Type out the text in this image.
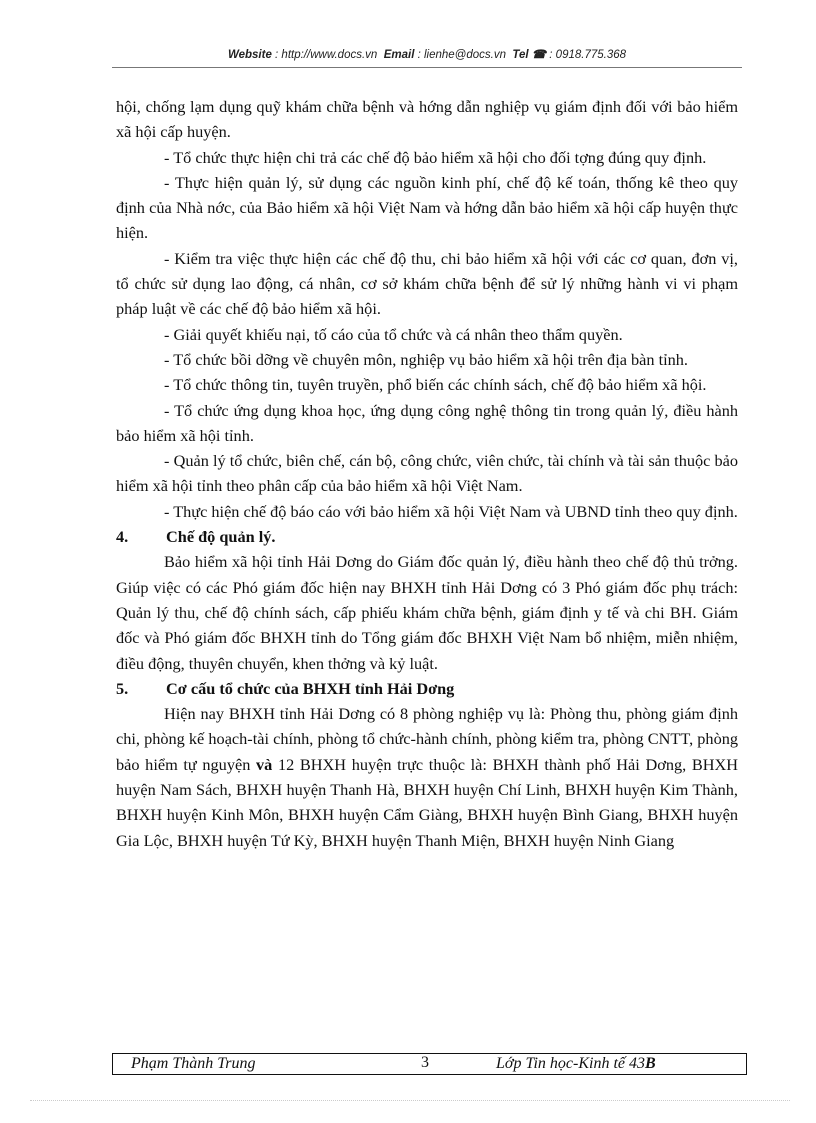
Website : http://www.docs.vn Email : lienhe@docs.vn Tel ☎ : 0918.775.368

hội, chống lạm dụng quỹ khám chữa bệnh và hớng dẫn nghiệp vụ giám định đối với bảo hiểm xã hội cấp huyện.

- Tổ chức thực hiện chi trả các chế độ bảo hiểm xã hội cho đối tợng đúng quy định.

- Thực hiện quản lý, sử dụng các nguồn kinh phí, chế độ kế toán, thống kê theo quy định của Nhà nớc, của Bảo hiểm xã hội Việt Nam và hớng dẫn bảo hiểm xã hội cấp huyện thực hiện.

- Kiểm tra việc thực hiện các chế độ thu, chi bảo hiểm xã hội với các cơ quan, đơn vị, tổ chức sử dụng lao động, cá nhân, cơ sở khám chữa bệnh để sử lý những hành vi vi phạm pháp luật về các chế độ bảo hiểm xã hội.

- Giải quyết khiếu nại, tố cáo của tổ chức và cá nhân theo thẩm quyền.

- Tổ chức bồi dỡng về chuyên môn, nghiệp vụ bảo hiểm xã hội trên địa bàn tỉnh.

- Tổ chức thông tin, tuyên truyền, phổ biến các chính sách, chế độ bảo hiểm xã hội.

- Tổ chức ứng dụng khoa học, ứng dụng công nghệ thông tin trong quản lý, điều hành bảo hiểm xã hội tỉnh.

- Quản lý tổ chức, biên chế, cán bộ, công chức, viên chức, tài chính và tài sản thuộc bảo hiểm xã hội tỉnh theo phân cấp của bảo hiểm xã hội Việt Nam.

- Thực hiện chế độ báo cáo với bảo hiểm xã hội Việt Nam và UBND tỉnh theo quy định.

4.	Chế độ quản lý.

Bảo hiểm xã hội tỉnh Hải Dơng do Giám đốc quản lý, điều hành theo chế độ thủ trởng. Giúp việc có các Phó giám đốc hiện nay BHXH tỉnh Hải Dơng có 3 Phó giám đốc phụ trách: Quản lý thu, chế độ chính sách, cấp phiếu khám chữa bệnh, giám định y tế và chi BH. Giám đốc và Phó giám đốc BHXH tỉnh do Tổng giám đốc BHXH Việt Nam bổ nhiệm, miễn nhiệm, điều động, thuyên chuyển, khen thởng và kỷ luật.

5.	Cơ cấu tổ chức của BHXH tỉnh Hải Dơng

Hiện nay BHXH tỉnh Hải Dơng có 8 phòng nghiệp vụ là: Phòng thu, phòng giám định chi, phòng kế hoạch-tài chính, phòng tổ chức-hành chính, phòng kiểm tra, phòng CNTT, phòng bảo hiểm tự nguyện và 12 BHXH huyện trực thuộc là: BHXH thành phố Hải Dơng, BHXH huyện Nam Sách, BHXH huyện Thanh Hà, BHXH huyện Chí Linh, BHXH huyện Kim Thành, BHXH huyện Kinh Môn, BHXH huyện Cẩm Giàng, BHXH huyện Bình Giang, BHXH huyện Gia Lộc, BHXH huyện Tứ Kỳ, BHXH huyện Thanh Miện, BHXH huyện Ninh Giang

Phạm Thành Trung	3	Lớp Tin học-Kinh tế 43B
